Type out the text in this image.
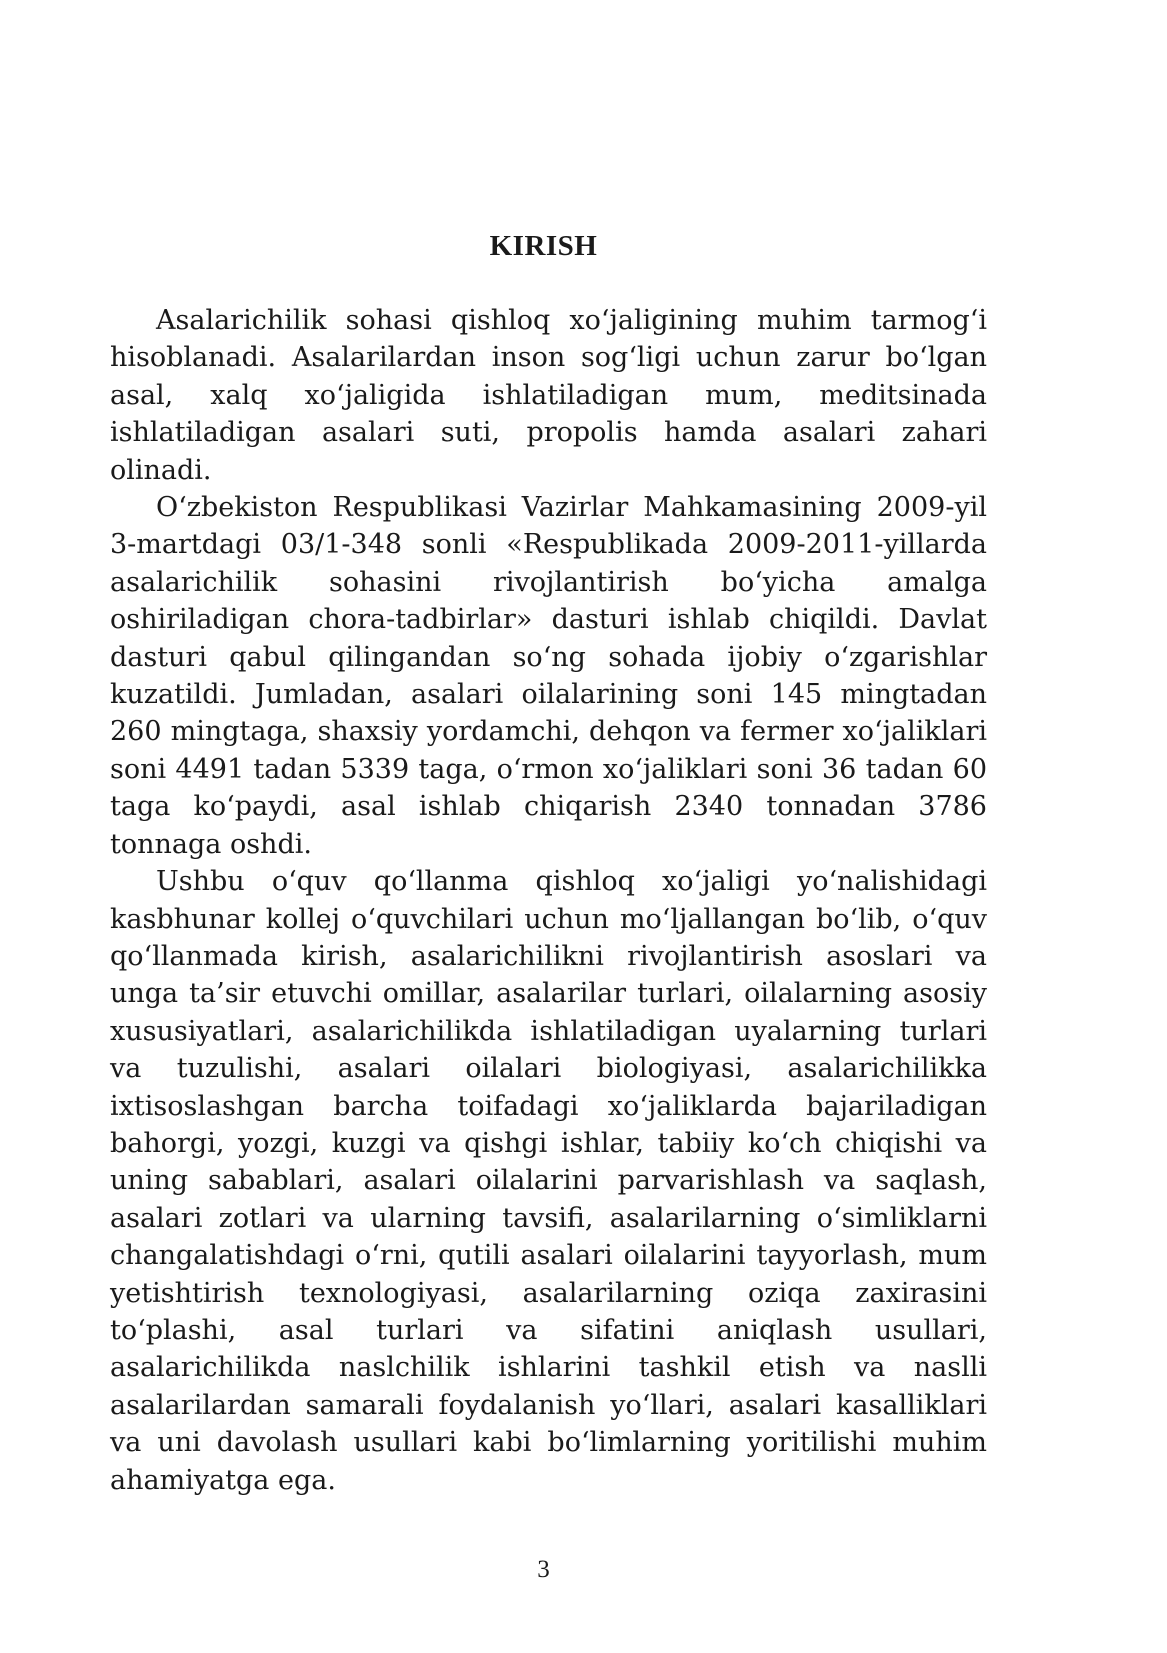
KIRISH

Asalarichilik sohasi qishloq xo‘jaligining muhim tarmog‘i hisoblanadi. Asalarilardan inson sog‘ligi uchun zarur bo‘lgan asal, xalq xo‘jaligida ishlatiladigan mum, meditsinada ishlatiladigan asalari suti, propolis hamda asalari zahari olinadi.

O‘zbekiston Respublikasi Vazirlar Mahkamasining 2009-yil 3-martdagi 03/1-348 sonli «Respublikada 2009-2011-yillarda asalarichilik sohasini rivojlantirish bo‘yicha amalga oshiriladigan chora-tadbirlar» dasturi ishlab chiqildi. Davlat dasturi qabul qilingandan so‘ng sohada ijobiy o‘zgarishlar kuzatildi. Jumladan, asalari oilalarining soni 145 mingtadan 260 mingtaga, shaxsiy yordamchi, dehqon va fermer xo‘jaliklari soni 4491 tadan 5339 taga, o‘rmon xo‘jaliklari soni 36 tadan 60 taga ko‘paydi, asal ishlab chiqarish 2340 tonnadan 3786 tonnaga oshdi.

Ushbu o‘quv qo‘llanma qishloq xo‘jaligi yo‘nalishidagi kasbhunar kollej o‘quvchilari uchun mo‘ljallangan bo‘lib, o‘quv qo‘llanmada kirish, asalarichilikni rivojlantirish asoslari va unga ta’sir etuvchi omillar, asalarilar turlari, oilalarning asosiy xususiyatlari, asalarichilikda ishlatiladigan uyalarning turlari va tuzulishi, asalari oilalari biologiyasi, asalarichilikka ixtisoslashgan barcha toifadagi xo‘jaliklarda bajariladigan bahorgi, yozgi, kuzgi va qishgi ishlar, tabiiy ko‘ch chiqishi va uning sabablari, asalari oilalarini parvarishlash va saqlash, asalari zotlari va ularning tavsifi, asalarilarning o‘simliklarni changalatishdagi o‘rni, qutili asalari oilalarini tayyorlash, mum yetishtirish texnologiyasi, asalarilarning oziqa zaxirasini to‘plashi, asal turlari va sifatini aniqlash usullari, asalarichilikda naslchilik ishlarini tashkil etish va naslli asalarilardan samarali foydalanish yo‘llari, asalari kasalliklari va uni davolash usullari kabi bo‘limlarning yoritilishi muhim ahamiyatga ega.

3
